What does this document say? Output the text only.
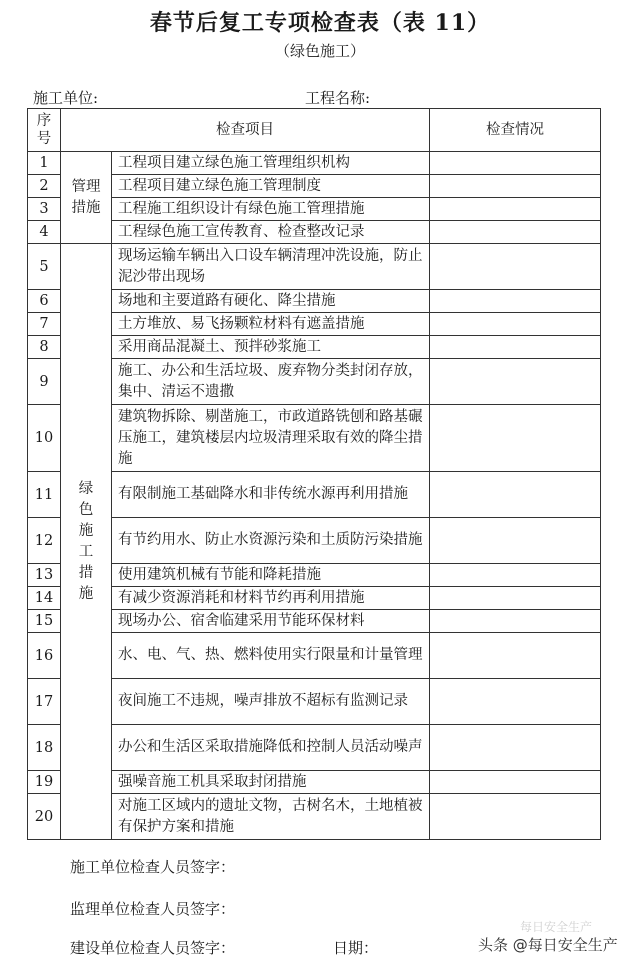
春节后复工专项检查表（表 11）
（绿色施工）
施工单位:	工程名称:
序号	检查项目		检查情况
1	管理措施	工程项目建立绿色施工管理组织机构	
2		工程项目建立绿色施工管理制度	
3		工程施工组织设计有绿色施工管理措施	
4		工程绿色施工宣传教育、检查整改记录	
5	绿色施工措施	现场运输车辆出入口设车辆清理冲洗设施，防止泥沙带出现场	
6		场地和主要道路有硬化、降尘措施	
7		土方堆放、易飞扬颗粒材料有遮盖措施	
8		采用商品混凝土、预拌砂浆施工	
9		施工、办公和生活垃圾、废弃物分类封闭存放，集中、清运不遗撒	
10		建筑物拆除、剔凿施工，市政道路铣刨和路基碾压施工，建筑楼层内垃圾清理采取有效的降尘措施	
11		有限制施工基础降水和非传统水源再利用措施	
12		有节约用水、防止水资源污染和土质防污染措施	
13		使用建筑机械有节能和降耗措施	
14		有减少资源消耗和材料节约再利用措施	
15		现场办公、宿舍临建采用节能环保材料	
16		水、电、气、热、燃料使用实行限量和计量管理	
17		夜间施工不违规，噪声排放不超标有监测记录	
18		办公和生活区采取措施降低和控制人员活动噪声	
19		强噪音施工机具采取封闭措施	
20		对施工区域内的遗址文物，古树名木，土地植被有保护方案和措施	
施工单位检查人员签字：
监理单位检查人员签字：
建设单位检查人员签字：	日期：
每日安全生产
头条 @每日安全生产
